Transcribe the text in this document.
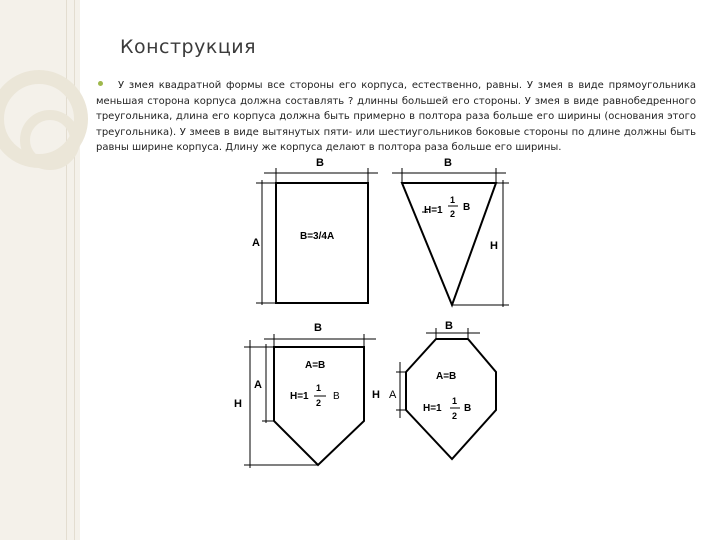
Конструкция
У змея квадратной формы все стороны его корпуса, естественно, равны. У змея в виде прямоугольника меньшая сторона корпуса должна составлять ? длинны большей его стороны. У змея в виде равнобедренного треугольника, длина его корпуса должна быть примерно в полтора раза больше его ширины (основания этого треугольника). У змеев в виде вытянутых пяти- или шестиугольников боковые стороны по длине должны быть равны ширине корпуса. Длину же корпуса делают в полтора раза больше его ширины.
B
A
B=3/4A
B
H
H=1
1
2
B
B
A
H
A=B
H=1
1
2
B
B
H A
A=B
H=1
1
2
B
